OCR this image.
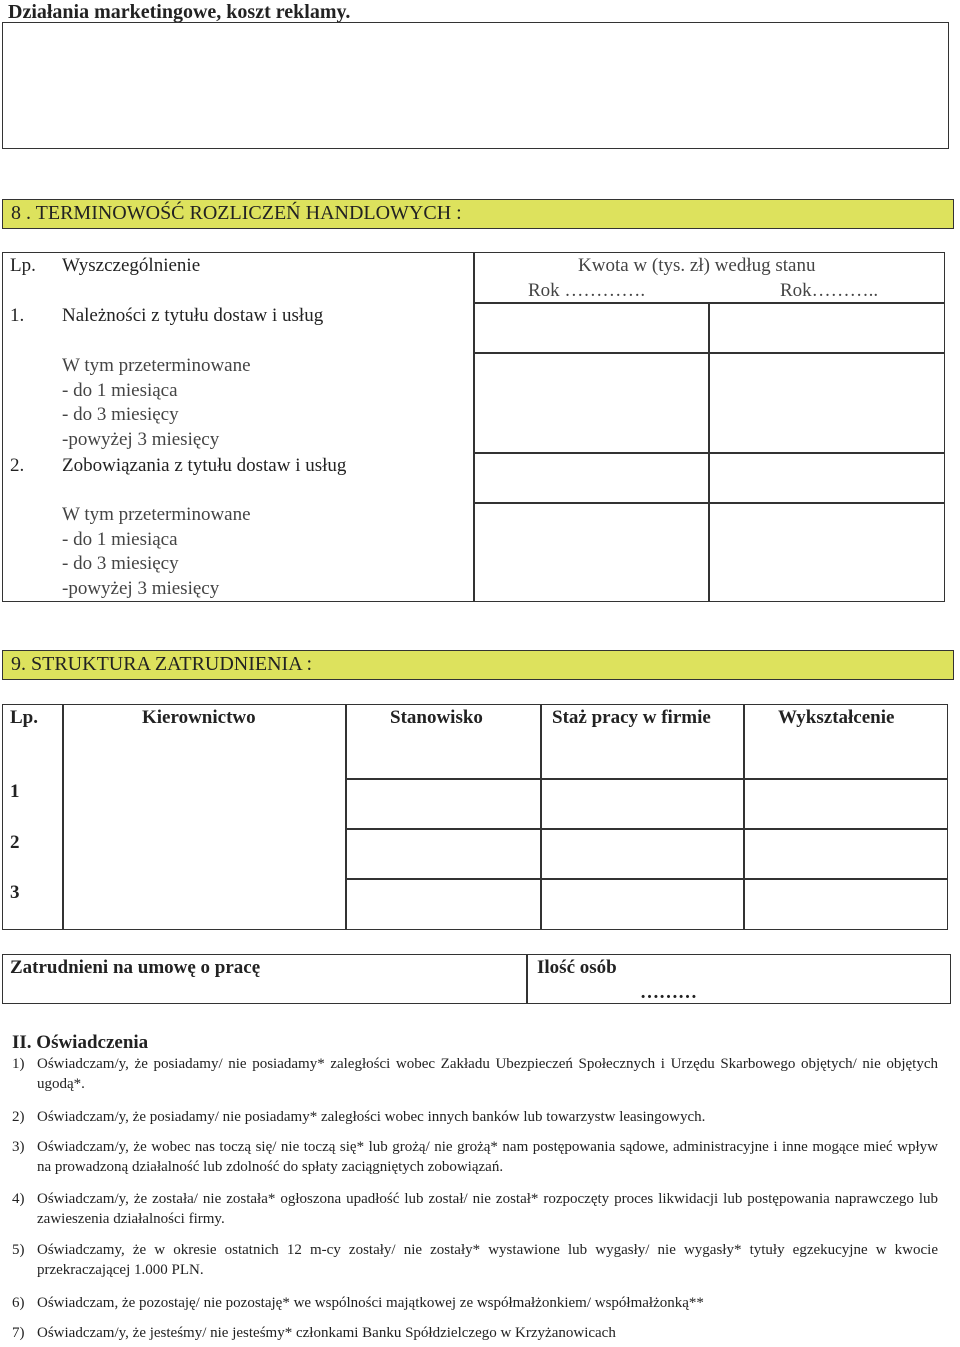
Działania marketingowe, koszt reklamy.
8 . TERMINOWOŚĆ ROZLICZEŃ HANDLOWYCH :
Lp. Wyszczególnienie	Kwota w (tys. zł) według stanu
Rok ………….	Rok………..
1. Należności z tytułu dostaw i usług
W tym przeterminowane
- do 1 miesiąca
- do 3 miesięcy
-powyżej 3 miesięcy
2. Zobowiązania z tytułu dostaw i usług
W tym przeterminowane
- do 1 miesiąca
- do 3 miesięcy
-powyżej 3 miesięcy
9. STRUKTURA ZATRUDNIENIA :
Lp.	Kierownictwo	Stanowisko	Staż pracy w firmie	Wykształcenie
1
2
3
Zatrudnieni na umowę o pracę	Ilość osób
………
II. Oświadczenia
1) Oświadczam/y, że posiadamy/ nie posiadamy* zaległości wobec Zakładu Ubezpieczeń Społecznych i Urzędu Skarbowego objętych/ nie objętych ugodą*.
2) Oświadczam/y, że posiadamy/ nie posiadamy* zaległości wobec innych banków lub towarzystw leasingowych.
3) Oświadczam/y, że wobec nas toczą się/ nie toczą się* lub grożą/ nie grożą* nam postępowania sądowe, administracyjne i inne mogące mieć wpływ na prowadzoną działalność lub zdolność do spłaty zaciągniętych zobowiązań.
4) Oświadczam/y, że została/ nie została* ogłoszona upadłość lub został/ nie został* rozpoczęty proces likwidacji lub postępowania naprawczego lub zawieszenia działalności firmy.
5) Oświadczamy, że w okresie ostatnich 12 m-cy zostały/ nie zostały* wystawione lub wygasły/ nie wygasły* tytuły egzekucyjne w kwocie przekraczającej 1.000 PLN.
6) Oświadczam, że pozostaję/ nie pozostaję* we wspólności majątkowej ze współmałżonkiem/ współmałżonką**
7) Oświadczam/y, że jesteśmy/ nie jesteśmy* członkami Banku Spółdzielczego w Krzyżanowicach
